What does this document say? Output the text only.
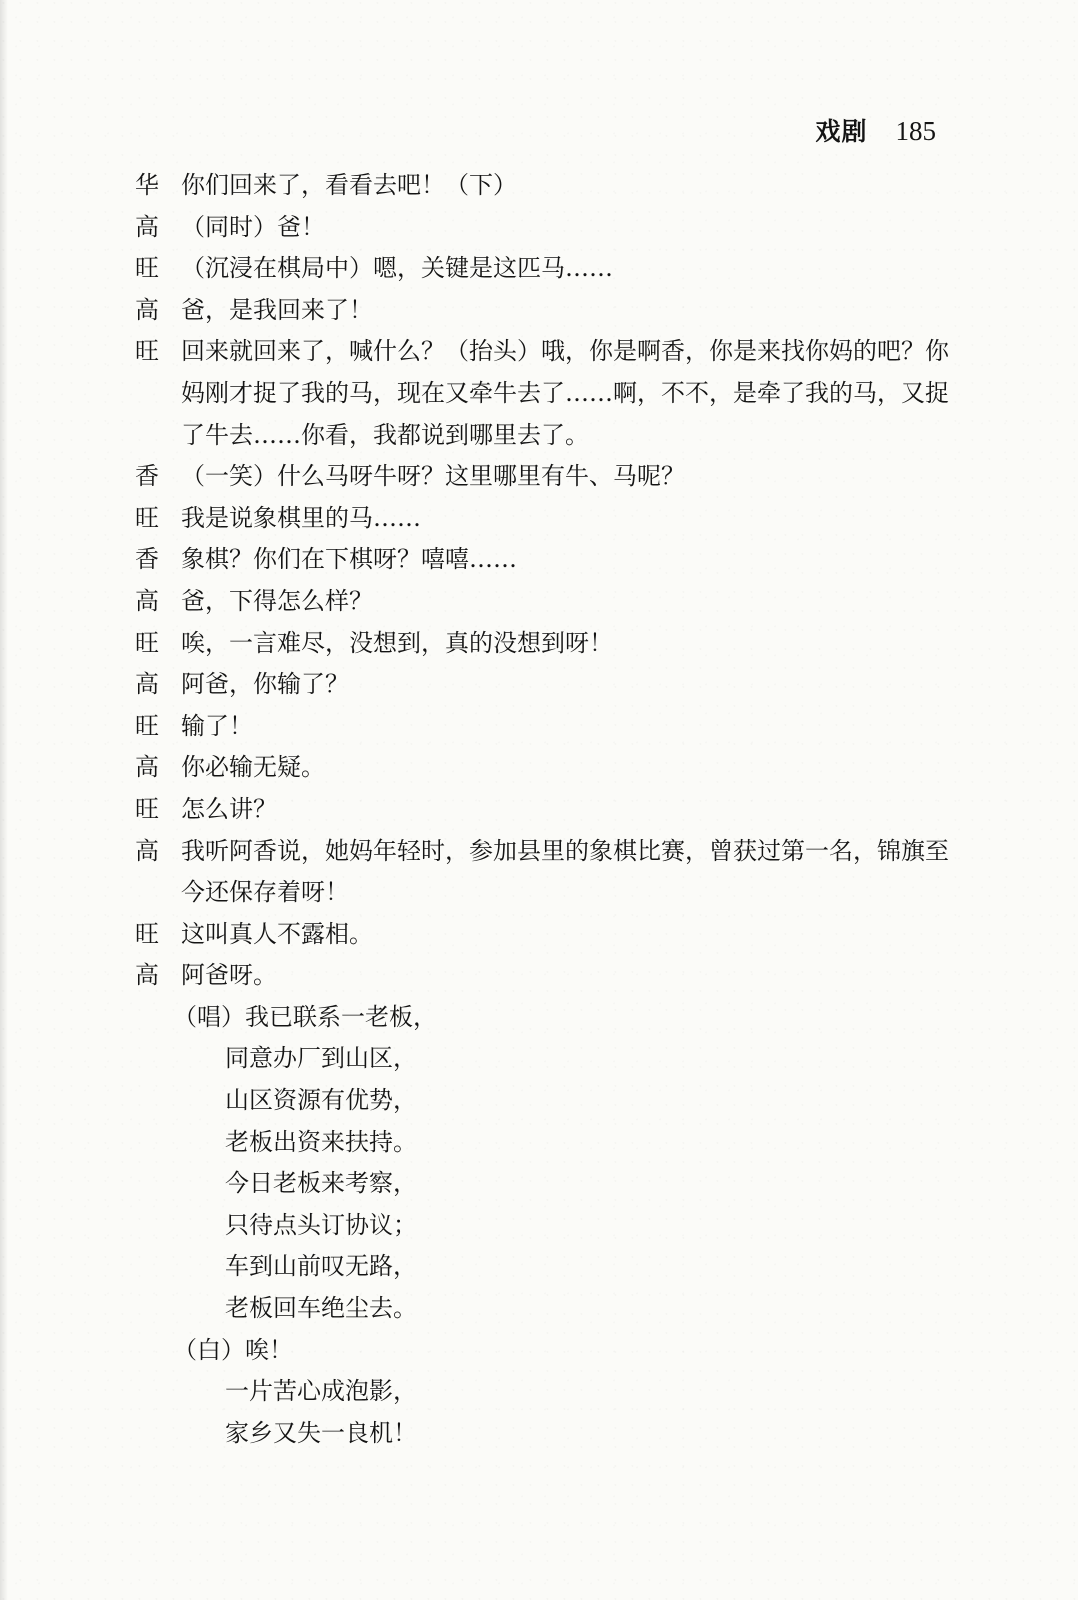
戏剧 185
华 你们回来了，看看去吧！（下）
高 （同时）爸！
旺 （沉浸在棋局中）嗯，关键是这匹马……
高 爸，是我回来了！
旺 回来就回来了，喊什么？（抬头）哦，你是啊香，你是来找你妈的吧？你
妈刚才捉了我的马，现在又牵牛去了……啊，不不，是牵了我的马，又捉
了牛去……你看，我都说到哪里去了。
香 （一笑）什么马呀牛呀？这里哪里有牛、马呢？
旺 我是说象棋里的马……
香 象棋？你们在下棋呀？嘻嘻……
高 爸，下得怎么样？
旺 唉，一言难尽，没想到，真的没想到呀！
高 阿爸，你输了？
旺 输了！
高 你必输无疑。
旺 怎么讲？
高 我听阿香说，她妈年轻时，参加县里的象棋比赛，曾获过第一名，锦旗至
今还保存着呀！
旺 这叫真人不露相。
高 阿爸呀。
（唱）我已联系一老板，
同意办厂到山区，
山区资源有优势，
老板出资来扶持。
今日老板来考察，
只待点头订协议；
车到山前叹无路，
老板回车绝尘去。
（白）唉！
一片苦心成泡影，
家乡又失一良机！
